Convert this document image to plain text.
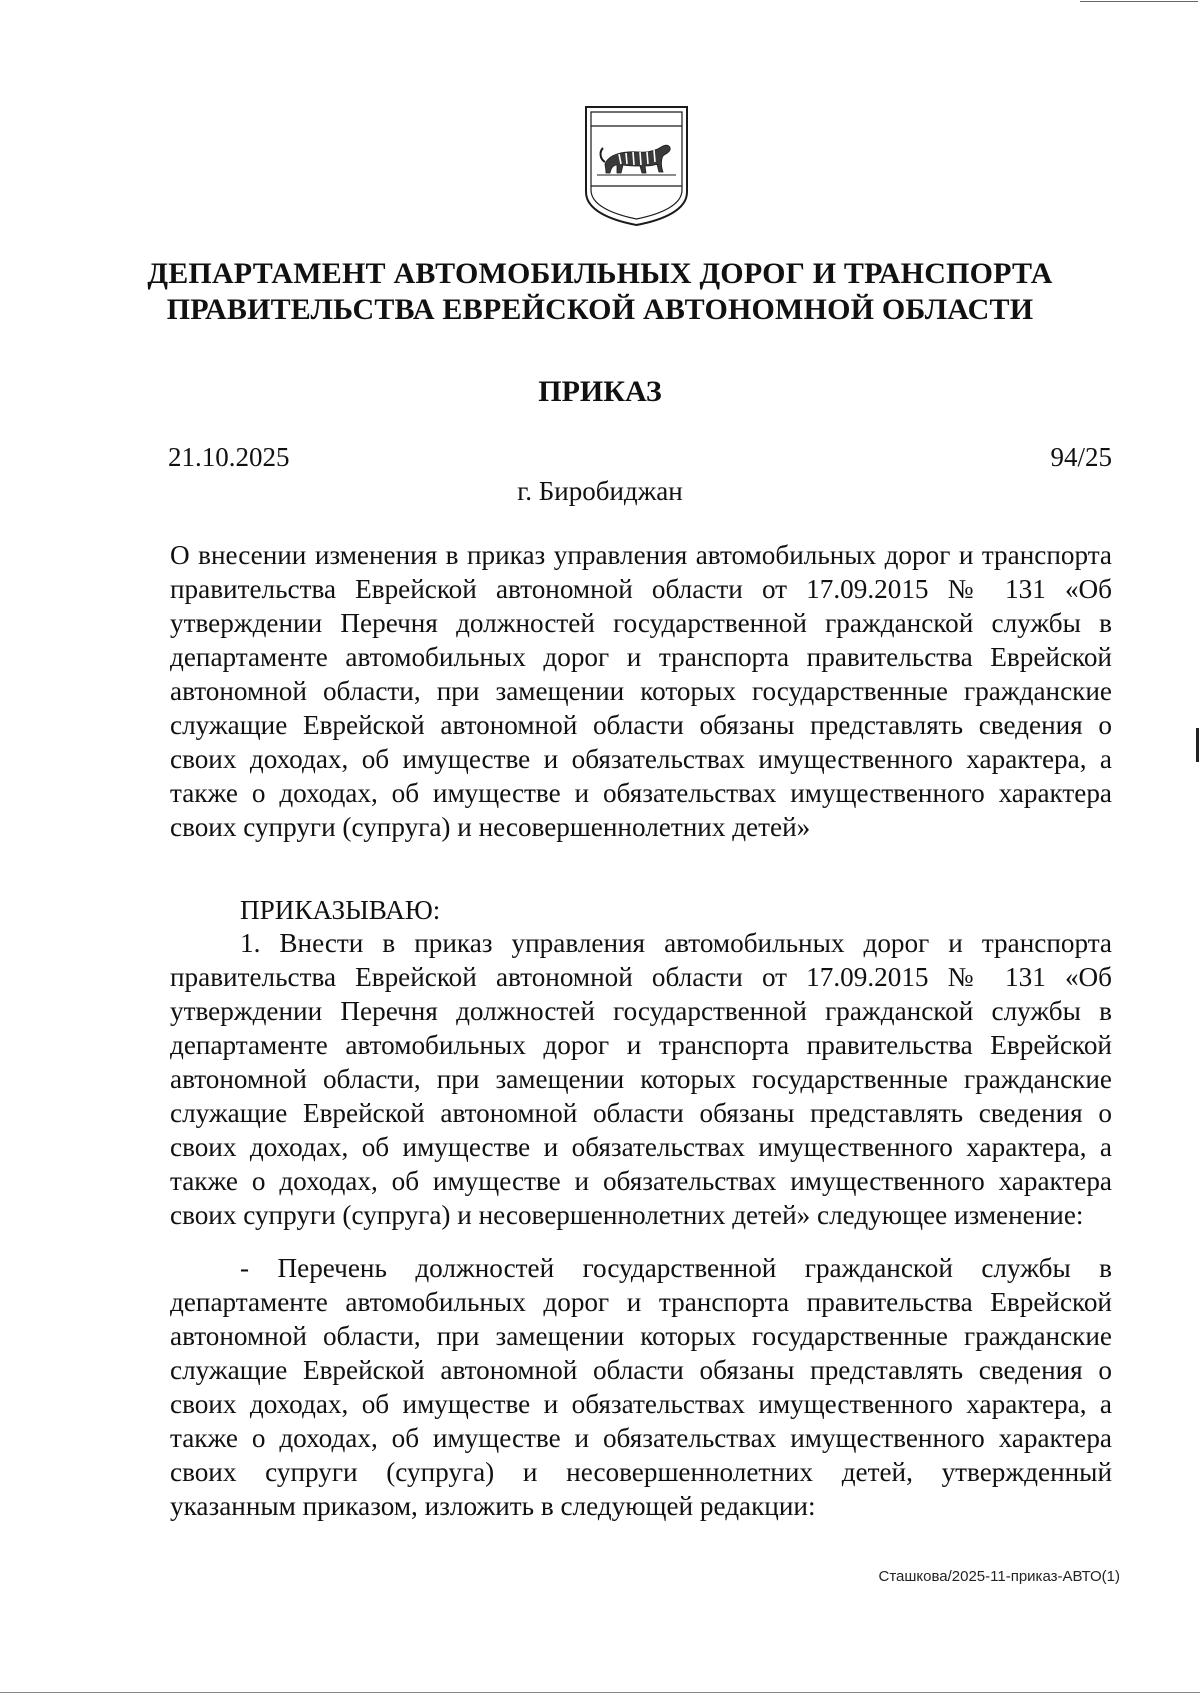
ДЕПАРТАМЕНТ АВТОМОБИЛЬНЫХ ДОРОГ И ТРАНСПОРТА
ПРАВИТЕЛЬСТВА ЕВРЕЙСКОЙ АВТОНОМНОЙ ОБЛАСТИ
ПРИКАЗ
21.10.2025	94/25
г. Биробиджан
О внесении изменения в приказ управления автомобильных дорог и транспорта правительства Еврейской автономной области от 17.09.2015 № 131 «Об утверждении Перечня должностей государственной гражданской службы в департаменте автомобильных дорог и транспорта правительства Еврейской автономной области, при замещении которых государственные гражданские служащие Еврейской автономной области обязаны представлять сведения о своих доходах, об имуществе и обязательствах имущественного характера, а также о доходах, об имуществе и обязательствах имущественного характера своих супруги (супруга) и несовершеннолетних детей»
ПРИКАЗЫВАЮ:
1. Внести в приказ управления автомобильных дорог и транспорта правительства Еврейской автономной области от 17.09.2015 № 131 «Об утверждении Перечня должностей государственной гражданской службы в департаменте автомобильных дорог и транспорта правительства Еврейской автономной области, при замещении которых государственные гражданские служащие Еврейской автономной области обязаны представлять сведения о своих доходах, об имуществе и обязательствах имущественного характера, а также о доходах, об имуществе и обязательствах имущественного характера своих супруги (супруга) и несовершеннолетних детей» следующее изменение:
- Перечень должностей государственной гражданской службы в департаменте автомобильных дорог и транспорта правительства Еврейской автономной области, при замещении которых государственные гражданские служащие Еврейской автономной области обязаны представлять сведения о своих доходах, об имуществе и обязательствах имущественного характера, а также о доходах, об имуществе и обязательствах имущественного характера своих супруги (супруга) и несовершеннолетних детей, утвержденный указанным приказом, изложить в следующей редакции:
Сташкова/2025-11-приказ-АВТО(1)
